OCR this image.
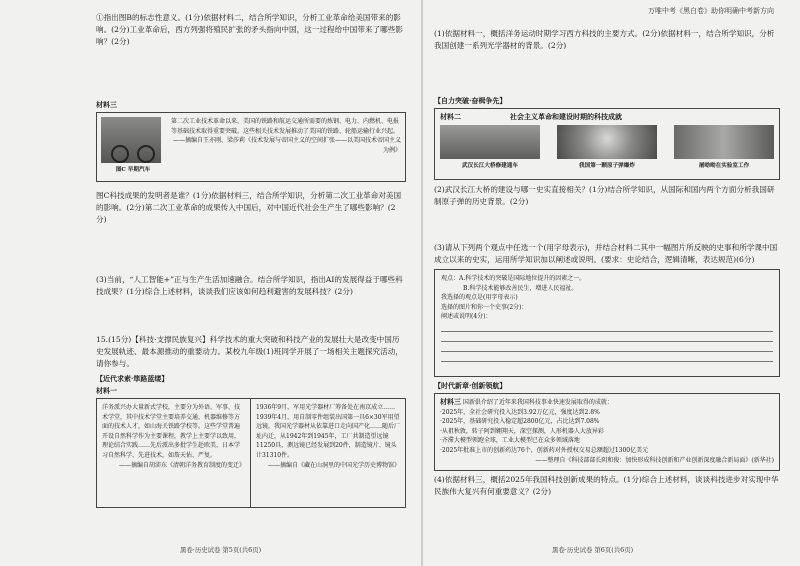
万唯中考《黑白卷》助你明确中考新方向

①指出图B的标志性意义。(1分)依据材料二，结合所学知识，分析工业革命给美国带来的影响。(2分)工业革命后，西方列强将殖民扩张的矛头指向中国，这一过程给中国带来了哪些影响？(2分)

材料三

图C 早期汽车

第二次工业技术革命以来，美国的铁路和航运交通所需要的炼钢、电力、内燃机、电报等基础技术取得重要突破。这些相关技术发展推动了美国的铁路、轮船运输行业兴起。

——摘编自王亦刚、梁莎莉《技术发展与帝国主义的空间扩张——以美国技术帝国主义为例》

图C科技成果的发明者是谁？(1分)依据材料三，结合所学知识，分析第二次工业革命对美国的影响。(2分)第二次工业革命的成果传入中国后，对中国近代社会生产生了哪些影响？(2分)

(3)当前，“人工智能+”正与生产生活加速融合。结合所学知识，指出AI的发展得益于哪些科技成果？(1分)综合上述材料，谈谈我们应该如何趋利避害的发展科技？(2分)

15.(15分)【科技·支撑民族复兴】科学技术的重大突破和科技产业的发展壮大是改变中国历史发展轨迹、最本源推动的重要动力。某校九年级(1)班同学开展了一场相关主题探究活动，请你参与。

【近代求索·筚路蓝缕】

材料一

洋务派兴办大量新式学校，主要分为外语、军事、技术学堂，其中技术学堂主要培养交通、机器维修等方面的技术人才，如山海关铁路学校等。这些学堂普遍开设自然科学作为主要课程，教学上主要学以致用，理论结合实践……先后派出多批学生赴欧美、日本学习自然科学、先进技术，如詹天佑、严复。

——摘编自胡沛东《清朝洋务教育制度的变迁》

1936年9月，军用光学器材厂筹备处在南京成立……1939年4月，用自制零件组装出国第一具6×30军用望远镜，我国光学器材从依靠进口走向国产化……随后厂址内迁，从1942年到1945年，工厂共制造望远镜11250具，测远镜已经发展到20件，制造镜片、镜头计31310件。

——摘编自《藏在山洞里的中国光学历史博物馆》

黑卷·历史试卷 第5页(共6页)

(1)依据材料一，概括洋务运动时期学习西方科技的主要方式。(2分)依据材料一，结合所学知识，分析我国创建一系列光学器材的背景。(2分)

【自力突破·奋楫争先】

材料二	社会主义革命和建设时期的科技成就
武汉长江大桥修建通车	我国第一颗原子弹爆炸	屠呦呦在实验室工作

(2)武汉长江大桥的建设与哪一史实直接相关？(1分)结合所学知识，从国际和国内两个方面分析我国研制原子弹的历史背景。(2分)

(3)请从下列两个观点中任选一个(用字母表示)，并结合材料二其中一幅图片所反映的史事和所学课中国成立以来的史实，运用所学知识加以阐述或说明。(要求：史论结合，逻辑清晰，表达规范)(6分)

观点：A.科学技术的突破是国际地位提升的因素之一。

B.科学技术能够改善民生，增进人民福祉。

我选择的观点是(用字母表示)

选择的图片和你一个史事(2分)：

阐述或说明(4分)：

【时代新章·创新领航】

材料三 国新俱介绍了近年来我国科技事业快速发展取得的成就：

·2025年，全社会研究投入达到3.92万亿元，强度达到2.8%

·2025年，基础研究投入稳定超2800亿元，占比达到7.08%

·从祖秋敦，转子阿到翱翔天，深空探测，人形机器人大放异彩

·齐滞大模型领跑全球，工业大模型已在众多领域落地

·2025年批准上市的创新药达76个，创新药对外授权交易总额超过1300亿美元

——整理自《科技部部长阴和俊：加快形成科技创新和产业创新深度融合新局面》(新华社)

(4)依据材料三，概括2025年我国科技创新成果的特点。(1分)综合上述材料，谈谈科技进步对实现中华民族伟大复兴有何重要意义？(2分)

黑卷·历史试卷 第6页(共6页)
